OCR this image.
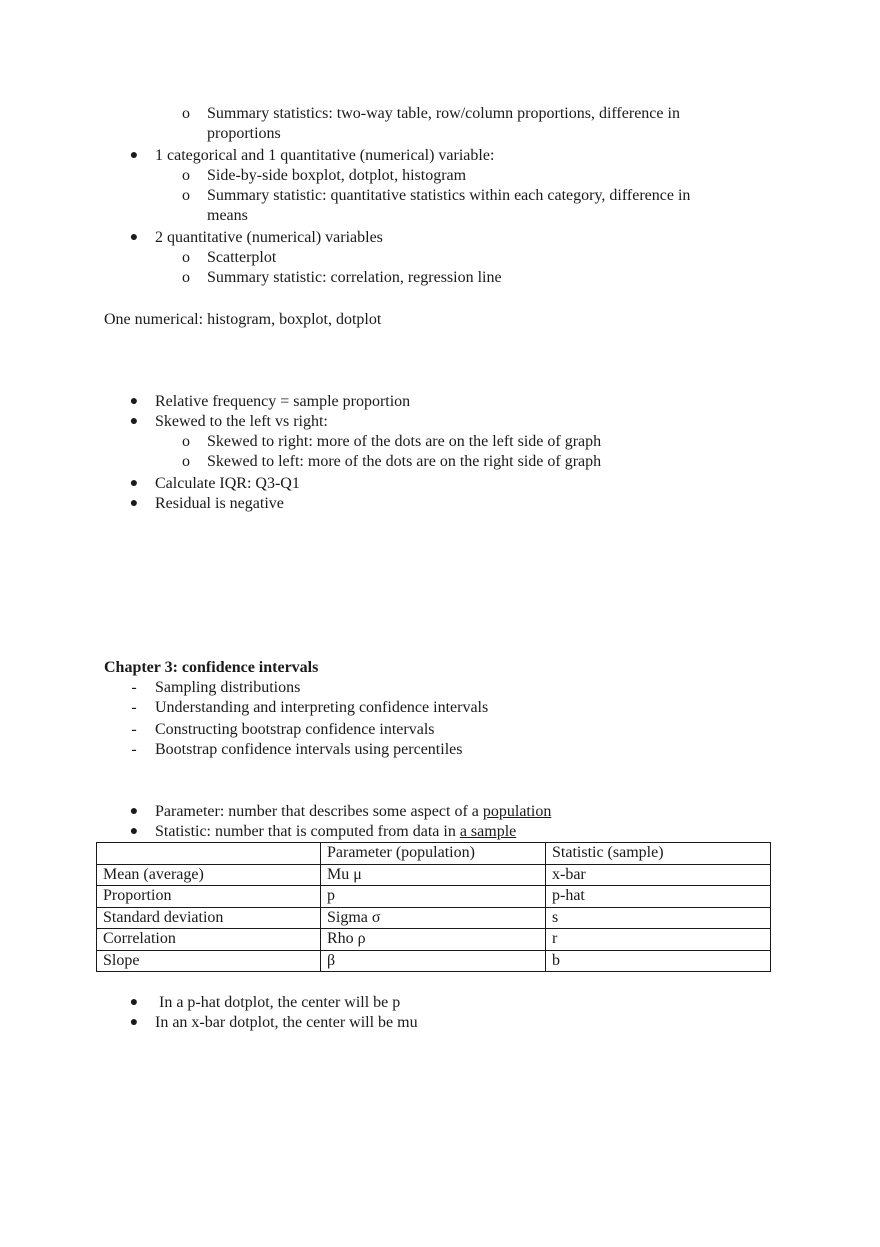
o	Summary statistics: two-way table, row/column proportions, difference in
proportions
●	1 categorical and 1 quantitative (numerical) variable:
o	Side-by-side boxplot, dotplot, histogram
o	Summary statistic: quantitative statistics within each category, difference in
means
●	2 quantitative (numerical) variables
o	Scatterplot
o	Summary statistic: correlation, regression line
One numerical: histogram, boxplot, dotplot
●	Relative frequency = sample proportion
●	Skewed to the left vs right:
o	Skewed to right: more of the dots are on the left side of graph
o	Skewed to left: more of the dots are on the right side of graph
●	Calculate IQR: Q3-Q1
●	Residual is negative
Chapter 3: confidence intervals
-	Sampling distributions
-	Understanding and interpreting confidence intervals
-	Constructing bootstrap confidence intervals
-	Bootstrap confidence intervals using percentiles
●	Parameter: number that describes some aspect of a population
●	Statistic: number that is computed from data in a sample
	Parameter (population)	Statistic (sample)
Mean (average)	Mu μ	x-bar
Proportion	p	p-hat
Standard deviation	Sigma σ	s
Correlation	Rho ρ	r
Slope	β	b
●	In a p-hat dotplot, the center will be p
●	In an x-bar dotplot, the center will be mu
